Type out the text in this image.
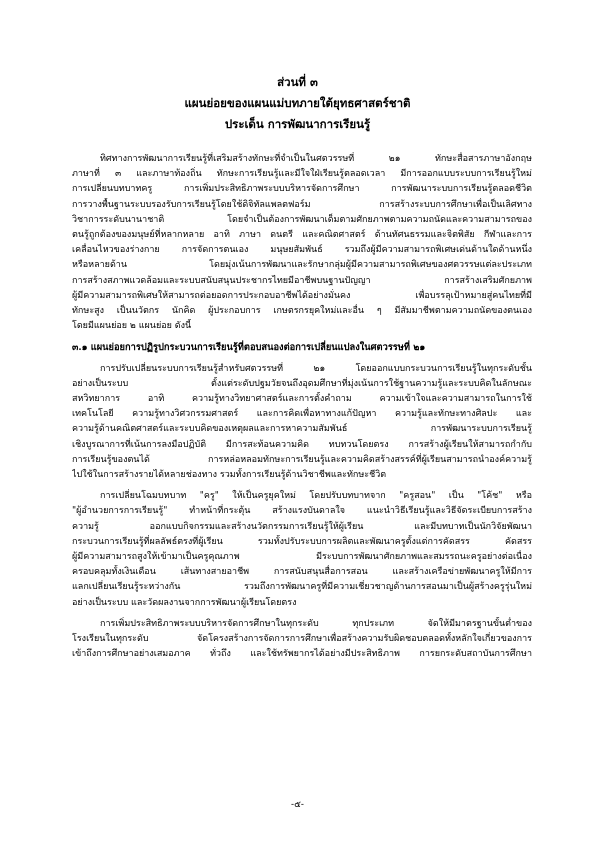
ส่วนที่ ๓
แผนย่อยของแผนแม่บทภายใต้ยุทธศาสตร์ชาติ
ประเด็น การพัฒนาการเรียนรู้
ทิศทางการพัฒนาการเรียนรู้ที่เสริมสร้างทักษะที่จำเป็นในศตวรรษที่ ๒๑ ทักษะสื่อสารภาษาอังกฤษ
ภาษาที่ ๓ และภาษาท้องถิ่น ทักษะการเรียนรู้และมีใจใฝ่เรียนรู้ตลอดเวลา มีการออกแบบระบบการเรียนรู้ใหม่
การเปลี่ยนบทบาทครู การเพิ่มประสิทธิภาพระบบบริหารจัดการศึกษา การพัฒนาระบบการเรียนรู้ตลอดชีวิต
การวางพื้นฐานระบบรองรับการเรียนรู้โดยใช้ดิจิทัลแพลตฟอร์ม การสร้างระบบการศึกษาเพื่อเป็นเลิศทาง
วิชาการระดับนานาชาติ โดยจำเป็นต้องการพัฒนาเด็มตามศักยภาพตามความถนัดและความสามารถของ
ตนรู้ถูกต้องของมนุษย์ที่หลากหลาย อาทิ ภาษา ดนตรี และคณิตศาสตร์ ด้านทัศนธรรมและจิตพิสัย กีฬาและการ
เคลื่อนไหวของร่างกาย การจัดการตนเอง มนุษยสัมพันธ์ รวมถึงผู้มีความสามารถพิเศษเด่นด้านใดด้านหนึ่ง
หรือหลายด้าน โดยมุ่งเน้นการพัฒนาและรักษากลุ่มผู้มีความสามารถพิเศษของศตวรรษแต่ละประเภท
การสร้างสภาพแวดล้อมและระบบสนับสนุนประชากรไทยมีอาชีพบนฐานปัญญา การสร้างเสริมศักยภาพ
ผู้มีความสามารถพิเศษให้สามารถต่อยอดการประกอบอาชีพได้อย่างมั่นคง เพื่อบรรลุเป้าหมายสู่คนไทยที่มี
ทักษะสูง เป็นนวัตกร นักคิด ผู้ประกอบการ เกษตรกรยุคใหม่และอื่น ๆ มีสัมมาชีพตามความถนัดของตนเอง
โดยมีแผนย่อย ๒ แผนย่อย ดังนี้
๓.๑ แผนย่อยการปฏิรูปกระบวนการเรียนรู้ที่ตอบสนองต่อการเปลี่ยนแปลงในศตวรรษที่ ๒๑
การปรับเปลี่ยนระบบการเรียนรู้สำหรับศตวรรษที่ ๒๑ โดยออกแบบกระบวนการเรียนรู้ในทุกระดับชั้น
อย่างเป็นระบบ ตั้งแต่ระดับปฐมวัยจนถึงอุดมศึกษาที่มุ่งเน้นการใช้ฐานความรู้และระบบคิดในลักษณะ
สหวิทยาการ อาทิ ความรู้ทางวิทยาศาสตร์และการตั้งคำถาม ความเข้าใจและความสามารถในการใช้
เทคโนโลยี ความรู้ทางวิศวกรรมศาสตร์ และการคิดเพื่อหาทางแก้ปัญหา ความรู้และทักษะทางศิลปะ และ
ความรู้ด้านคณิตศาสตร์และระบบคิดของเหตุผลและการหาความสัมพันธ์ การพัฒนาระบบการเรียนรู้
เชิงบูรณาการที่เน้นการลงมือปฏิบัติ มีการสะท้อนความคิด ทบทวนโดยตรง การสร้างผู้เรียนให้สามารถกำกับ
การเรียนรู้ของตนได้ การหล่อหลอมทักษะการเรียนรู้และความคิดสร้างสรรค์ที่ผู้เรียนสามารถนำองค์ความรู้
ไปใช้ในการสร้างรายได้หลายช่องทาง รวมทั้งการเรียนรู้ด้านวิชาชีพและทักษะชีวิต
การเปลี่ยนโฉมบทบาท "ครู" ให้เป็นครูยุคใหม่ โดยปรับบทบาทจาก "ครูสอน" เป็น "โค้ช" หรือ
"ผู้อำนวยการการเรียนรู้" ทำหน้าที่กระตุ้น สร้างแรงบันดาลใจ แนะนำวิธีเรียนรู้และวิธีจัดระเบียบการสร้าง
ความรู้ ออกแบบกิจกรรมและสร้างนวัตกรรมการเรียนรู้ให้ผู้เรียน และมีบทบาทเป็นนักวิจัยพัฒนา
กระบวนการเรียนรู้ที่ผลลัพธ์ตรงที่ผู้เรียน รวมทั้งปรับระบบการผลิตและพัฒนาครูตั้งแต่การคัดสรร คัดสรร
ผู้มีความสามารถสูงให้เข้ามาเป็นครูคุณภาพ มีระบบการพัฒนาศักยภาพและสมรรถนะครูอย่างต่อเนื่อง
ครอบคลุมทั้งเงินเดือน เส้นทางสายอาชีพ การสนับสนุนสื่อการสอน และสร้างเครือข่ายพัฒนาครูให้มีการ
แลกเปลี่ยนเรียนรู้ระหว่างกัน รวมถึงการพัฒนาครูที่มีความเชี่ยวชาญด้านการสอนมาเป็นผู้สร้างครูรุ่นใหม่
อย่างเป็นระบบ และวัดผลงานจากการพัฒนาผู้เรียนโดยตรง
การเพิ่มประสิทธิภาพระบบบริหารจัดการศึกษาในทุกระดับ ทุกประเภท จัดให้มีมาตรฐานขั้นต่ำของ
โรงเรียนในทุกระดับ จัดโครงสร้างการจัดการการศึกษาเพื่อสร้างความรับผิดชอบตลอดทั้งหลักใจเกี่ยวของการ
เข้าถึงการศึกษาอย่างเสมอภาค ทั่วถึง และใช้ทรัพยากรได้อย่างมีประสิทธิภาพ การยกระดับสถาบันการศึกษา
-๕-
